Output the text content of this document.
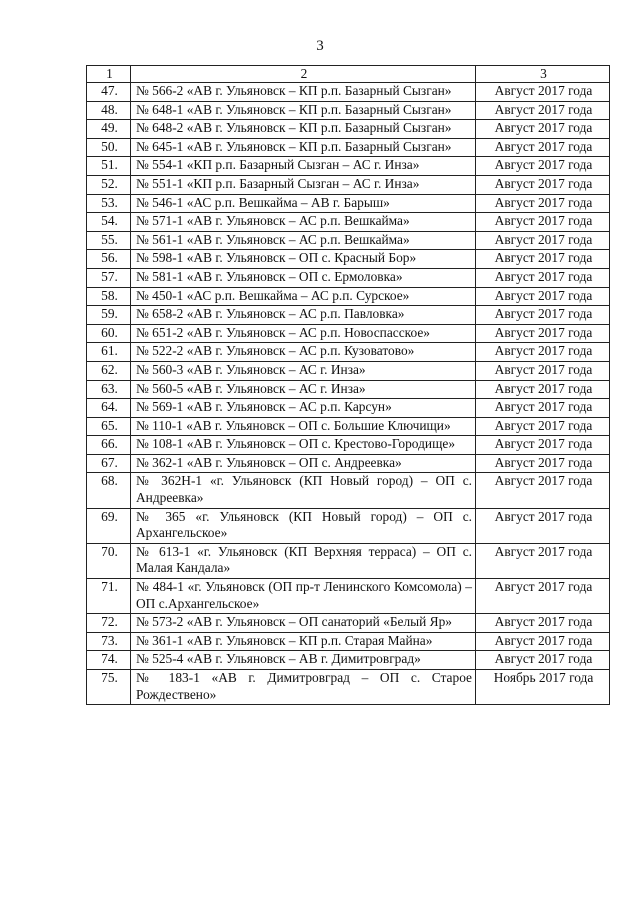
3
1	2	3
47.	№ 566-2 «АВ г. Ульяновск – КП р.п. Базарный Сызган»	Август 2017 года
48.	№ 648-1 «АВ г. Ульяновск – КП р.п. Базарный Сызган»	Август 2017 года
49.	№ 648-2 «АВ г. Ульяновск – КП р.п. Базарный Сызган»	Август 2017 года
50.	№ 645-1 «АВ г. Ульяновск – КП р.п. Базарный Сызган»	Август 2017 года
51.	№ 554-1 «КП р.п. Базарный Сызган – АС г. Инза»	Август 2017 года
52.	№ 551-1 «КП р.п. Базарный Сызган – АС г. Инза»	Август 2017 года
53.	№ 546-1 «АС р.п. Вешкайма – АВ г. Барыш»	Август 2017 года
54.	№ 571-1 «АВ г. Ульяновск – АС р.п. Вешкайма»	Август 2017 года
55.	№ 561-1 «АВ г. Ульяновск – АС р.п. Вешкайма»	Август 2017 года
56.	№ 598-1 «АВ г. Ульяновск – ОП с. Красный Бор»	Август 2017 года
57.	№ 581-1 «АВ г. Ульяновск – ОП с. Ермоловка»	Август 2017 года
58.	№ 450-1 «АС р.п. Вешкайма – АС р.п. Сурское»	Август 2017 года
59.	№ 658-2 «АВ г. Ульяновск – АС р.п. Павловка»	Август 2017 года
60.	№ 651-2 «АВ г. Ульяновск – АС р.п. Новоспасское»	Август 2017 года
61.	№ 522-2 «АВ г. Ульяновск – АС р.п. Кузоватово»	Август 2017 года
62.	№ 560-3 «АВ г. Ульяновск – АС г. Инза»	Август 2017 года
63.	№ 560-5 «АВ г. Ульяновск – АС г. Инза»	Август 2017 года
64.	№ 569-1 «АВ г. Ульяновск – АС р.п. Карсун»	Август 2017 года
65.	№ 110-1 «АВ г. Ульяновск – ОП с. Большие Ключищи»	Август 2017 года
66.	№ 108-1 «АВ г. Ульяновск – ОП с. Крестово-Городище»	Август 2017 года
67.	№ 362-1 «АВ г. Ульяновск – ОП с. Андреевка»	Август 2017 года
68.	№ 362Н-1 «г. Ульяновск (КП Новый город) – ОП с. Андреевка»	Август 2017 года
69.	№ 365 «г. Ульяновск (КП Новый город) – ОП с. Архангельское»	Август 2017 года
70.	№ 613-1 «г. Ульяновск (КП Верхняя терраса) – ОП с. Малая Кандала»	Август 2017 года
71.	№ 484-1 «г. Ульяновск (ОП пр-т Ленинского Комсомола) – ОП с.Архангельское»	Август 2017 года
72.	№ 573-2 «АВ г. Ульяновск – ОП санаторий «Белый Яр»	Август 2017 года
73.	№ 361-1 «АВ г. Ульяновск – КП р.п. Старая Майна»	Август 2017 года
74.	№ 525-4 «АВ г. Ульяновск – АВ г. Димитровград»	Август 2017 года
75.	№ 183-1 «АВ г. Димитровград – ОП с. Старое Рождествено»	Ноябрь 2017 года
